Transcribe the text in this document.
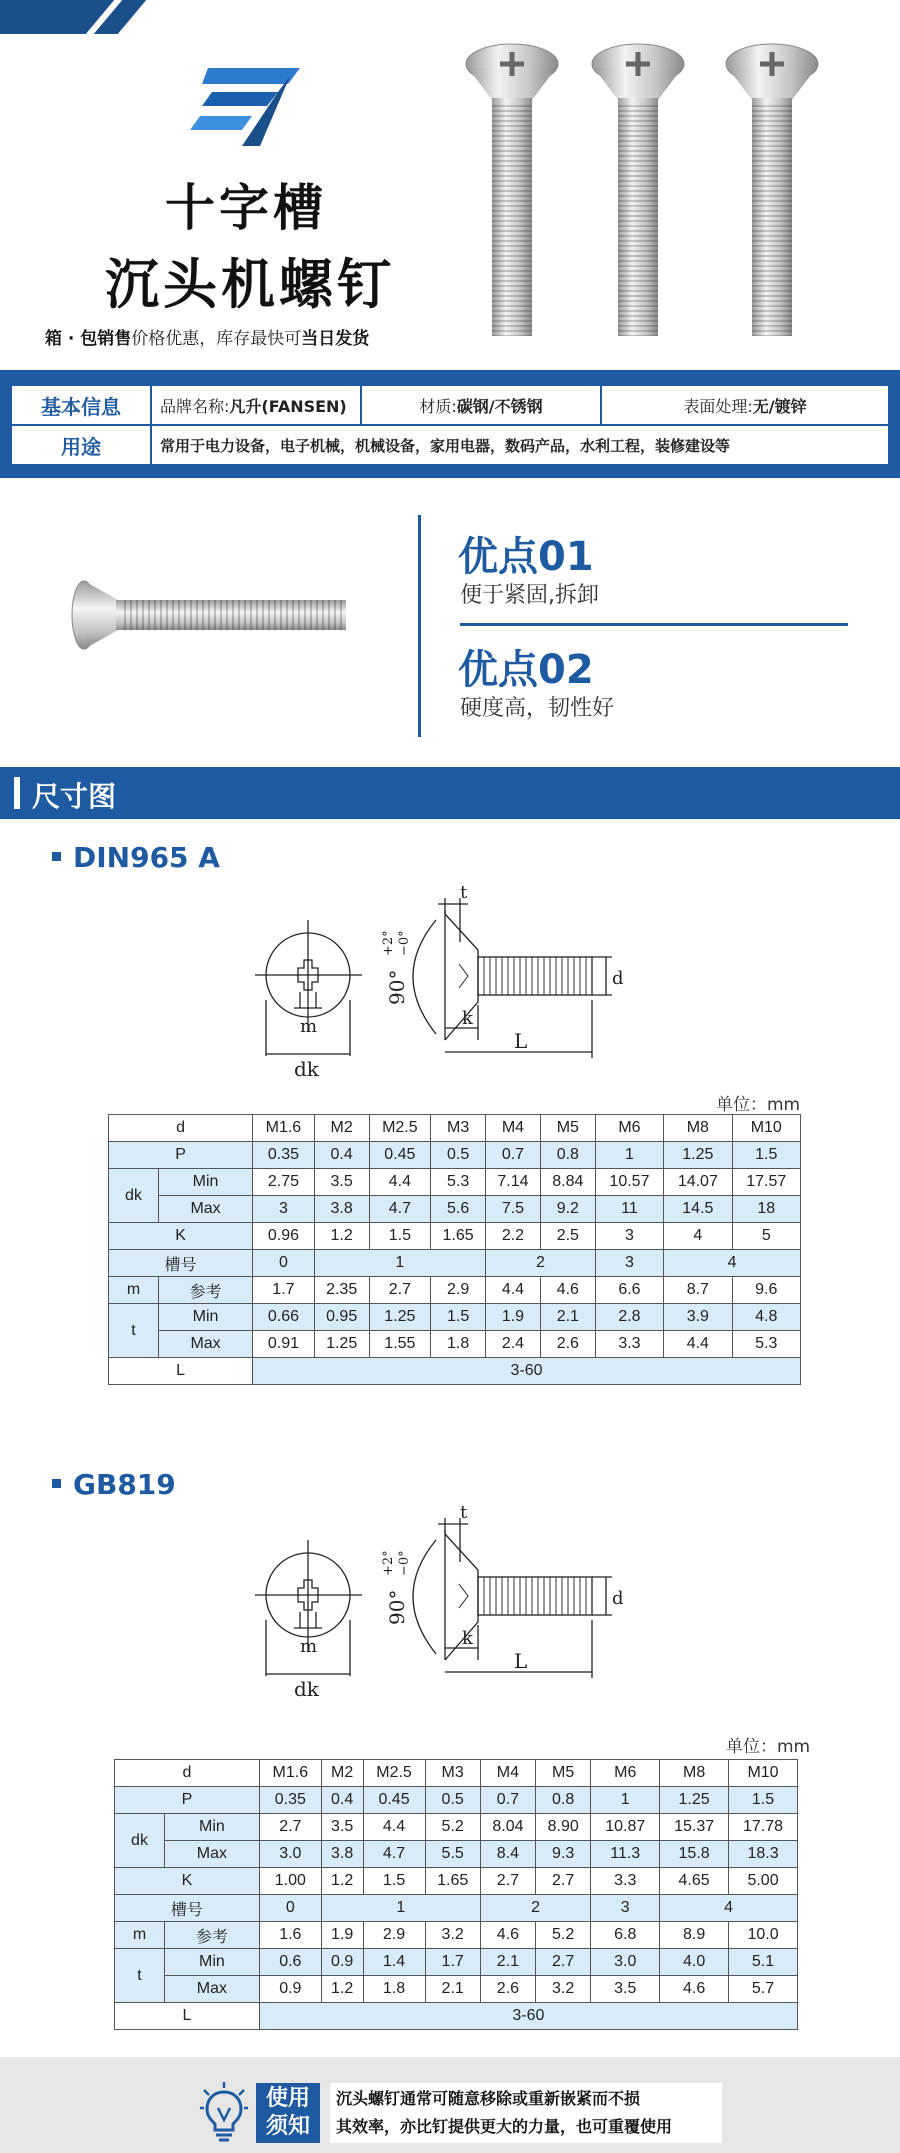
十字槽
沉头机螺钉
箱 · 包销售价格优惠，库存最快可当日发货
基本信息	品牌名称:凡升(FANSEN)	材质:碳钢/不锈钢	表面处理:无/镀锌
用途	常用于电力设备，电子机械，机械设备，家用电器，数码产品，水利工程，装修建设等		
优点01
便于紧固,拆卸
优点02
硬度高，韧性好
尺寸图
DIN965 A
m
dk
t
90°
+2° −0°
d
k
L
单位：mm
d		M1.6	M2	M2.5	M3	M4	M5	M6	M8	M10
P		0.35	0.4	0.45	0.5	0.7	0.8	1	1.25	1.5
dk	Min	2.75	3.5	4.4	5.3	7.14	8.84	10.57	14.07	17.57
	Max	3	3.8	4.7	5.6	7.5	9.2	11	14.5	18
K		0.96	1.2	1.5	1.65	2.2	2.5	3	4	5
槽号		0	1			2		3	4	
m	参考	1.7	2.35	2.7	2.9	4.4	4.6	6.6	8.7	9.6
t	Min	0.66	0.95	1.25	1.5	1.9	2.1	2.8	3.9	4.8
	Max	0.91	1.25	1.55	1.8	2.4	2.6	3.3	4.4	5.3
L		3-60								
GB819
m
dk
t
90°
+2° −0°
d
k
L
单位：mm
d		M1.6	M2	M2.5	M3	M4	M5	M6	M8	M10
P		0.35	0.4	0.45	0.5	0.7	0.8	1	1.25	1.5
dk	Min	2.7	3.5	4.4	5.2	8.04	8.90	10.87	15.37	17.78
	Max	3.0	3.8	4.7	5.5	8.4	9.3	11.3	15.8	18.3
K		1.00	1.2	1.5	1.65	2.7	2.7	3.3	4.65	5.00
槽号		0	1			2		3	4	
m	参考	1.6	1.9	2.9	3.2	4.6	5.2	6.8	8.9	10.0
t	Min	0.6	0.9	1.4	1.7	2.1	2.7	3.0	4.0	5.1
	Max	0.9	1.2	1.8	2.1	2.6	3.2	3.5	4.6	5.7
L		3-60								
使用
须知
沉头螺钉通常可随意移除或重新嵌紧而不损
其效率，亦比钉提供更大的力量，也可重覆使用
